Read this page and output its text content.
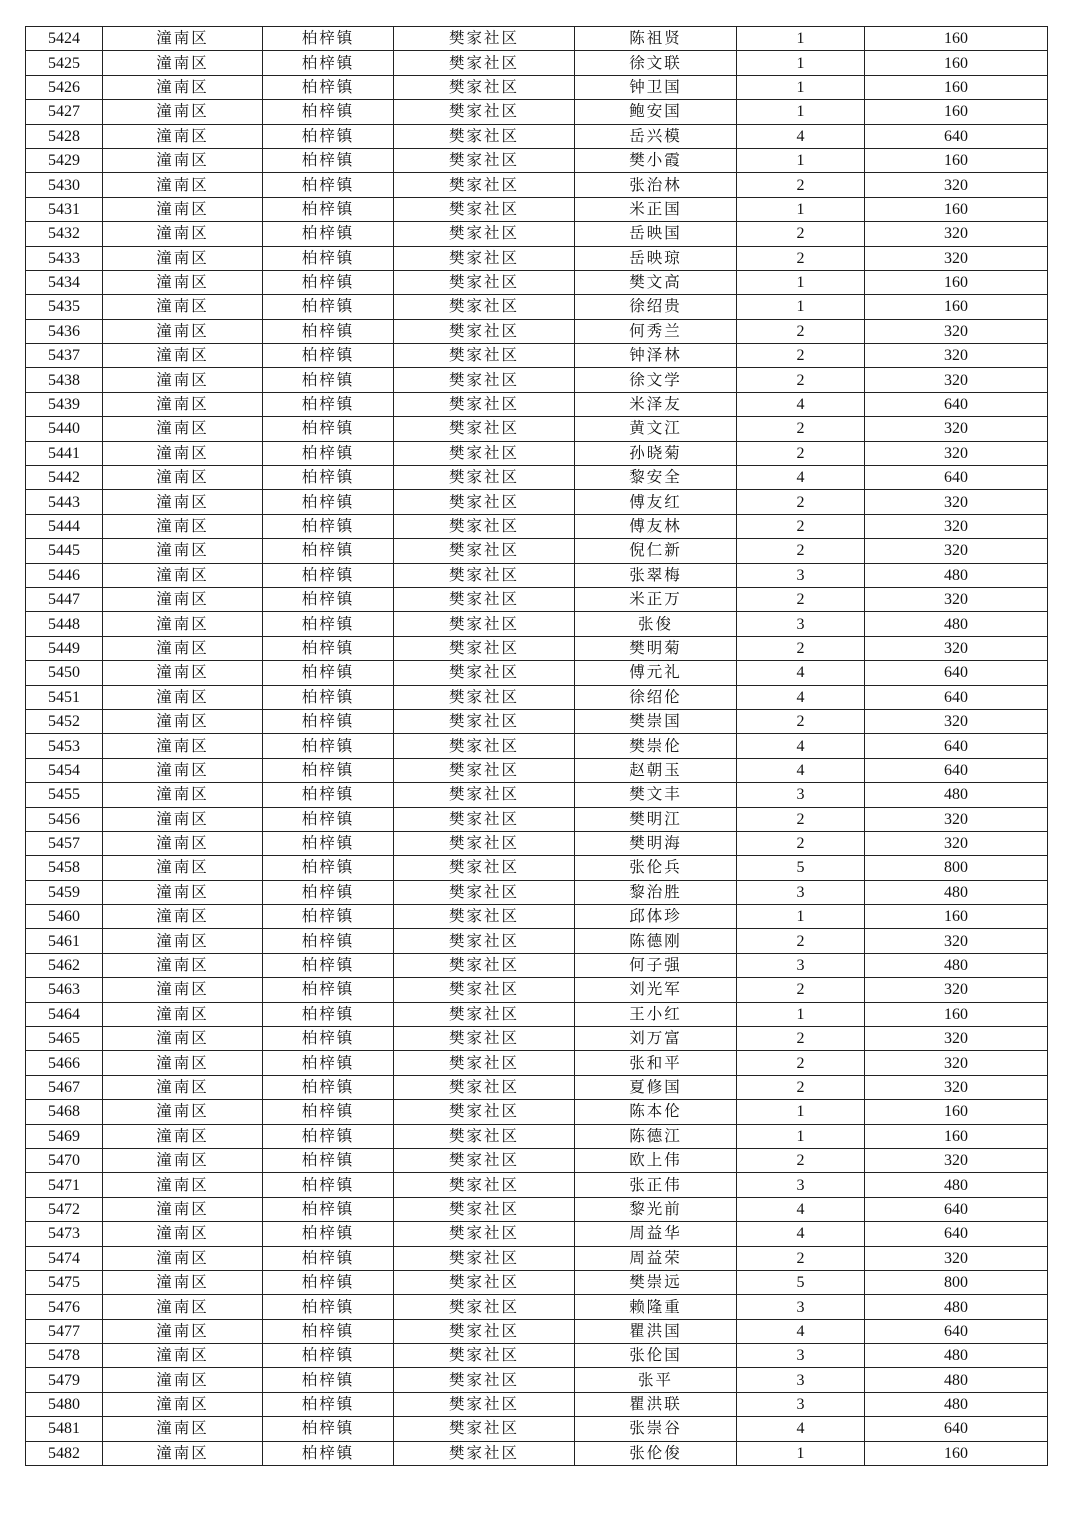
5424	潼南区	柏梓镇	樊家社区	陈祖贤	1	160
5425	潼南区	柏梓镇	樊家社区	徐文联	1	160
5426	潼南区	柏梓镇	樊家社区	钟卫国	1	160
5427	潼南区	柏梓镇	樊家社区	鲍安国	1	160
5428	潼南区	柏梓镇	樊家社区	岳兴模	4	640
5429	潼南区	柏梓镇	樊家社区	樊小霞	1	160
5430	潼南区	柏梓镇	樊家社区	张治林	2	320
5431	潼南区	柏梓镇	樊家社区	米正国	1	160
5432	潼南区	柏梓镇	樊家社区	岳映国	2	320
5433	潼南区	柏梓镇	樊家社区	岳映琼	2	320
5434	潼南区	柏梓镇	樊家社区	樊文高	1	160
5435	潼南区	柏梓镇	樊家社区	徐绍贵	1	160
5436	潼南区	柏梓镇	樊家社区	何秀兰	2	320
5437	潼南区	柏梓镇	樊家社区	钟泽林	2	320
5438	潼南区	柏梓镇	樊家社区	徐文学	2	320
5439	潼南区	柏梓镇	樊家社区	米泽友	4	640
5440	潼南区	柏梓镇	樊家社区	黄文江	2	320
5441	潼南区	柏梓镇	樊家社区	孙晓菊	2	320
5442	潼南区	柏梓镇	樊家社区	黎安全	4	640
5443	潼南区	柏梓镇	樊家社区	傅友红	2	320
5444	潼南区	柏梓镇	樊家社区	傅友林	2	320
5445	潼南区	柏梓镇	樊家社区	倪仁新	2	320
5446	潼南区	柏梓镇	樊家社区	张翠梅	3	480
5447	潼南区	柏梓镇	樊家社区	米正万	2	320
5448	潼南区	柏梓镇	樊家社区	张俊	3	480
5449	潼南区	柏梓镇	樊家社区	樊明菊	2	320
5450	潼南区	柏梓镇	樊家社区	傅元礼	4	640
5451	潼南区	柏梓镇	樊家社区	徐绍伦	4	640
5452	潼南区	柏梓镇	樊家社区	樊崇国	2	320
5453	潼南区	柏梓镇	樊家社区	樊崇伦	4	640
5454	潼南区	柏梓镇	樊家社区	赵朝玉	4	640
5455	潼南区	柏梓镇	樊家社区	樊文丰	3	480
5456	潼南区	柏梓镇	樊家社区	樊明江	2	320
5457	潼南区	柏梓镇	樊家社区	樊明海	2	320
5458	潼南区	柏梓镇	樊家社区	张伦兵	5	800
5459	潼南区	柏梓镇	樊家社区	黎治胜	3	480
5460	潼南区	柏梓镇	樊家社区	邱体珍	1	160
5461	潼南区	柏梓镇	樊家社区	陈德刚	2	320
5462	潼南区	柏梓镇	樊家社区	何子强	3	480
5463	潼南区	柏梓镇	樊家社区	刘光军	2	320
5464	潼南区	柏梓镇	樊家社区	王小红	1	160
5465	潼南区	柏梓镇	樊家社区	刘万富	2	320
5466	潼南区	柏梓镇	樊家社区	张和平	2	320
5467	潼南区	柏梓镇	樊家社区	夏修国	2	320
5468	潼南区	柏梓镇	樊家社区	陈本伦	1	160
5469	潼南区	柏梓镇	樊家社区	陈德江	1	160
5470	潼南区	柏梓镇	樊家社区	欧上伟	2	320
5471	潼南区	柏梓镇	樊家社区	张正伟	3	480
5472	潼南区	柏梓镇	樊家社区	黎光前	4	640
5473	潼南区	柏梓镇	樊家社区	周益华	4	640
5474	潼南区	柏梓镇	樊家社区	周益荣	2	320
5475	潼南区	柏梓镇	樊家社区	樊崇远	5	800
5476	潼南区	柏梓镇	樊家社区	赖隆重	3	480
5477	潼南区	柏梓镇	樊家社区	瞿洪国	4	640
5478	潼南区	柏梓镇	樊家社区	张伦国	3	480
5479	潼南区	柏梓镇	樊家社区	张平	3	480
5480	潼南区	柏梓镇	樊家社区	瞿洪联	3	480
5481	潼南区	柏梓镇	樊家社区	张崇谷	4	640
5482	潼南区	柏梓镇	樊家社区	张伦俊	1	160
